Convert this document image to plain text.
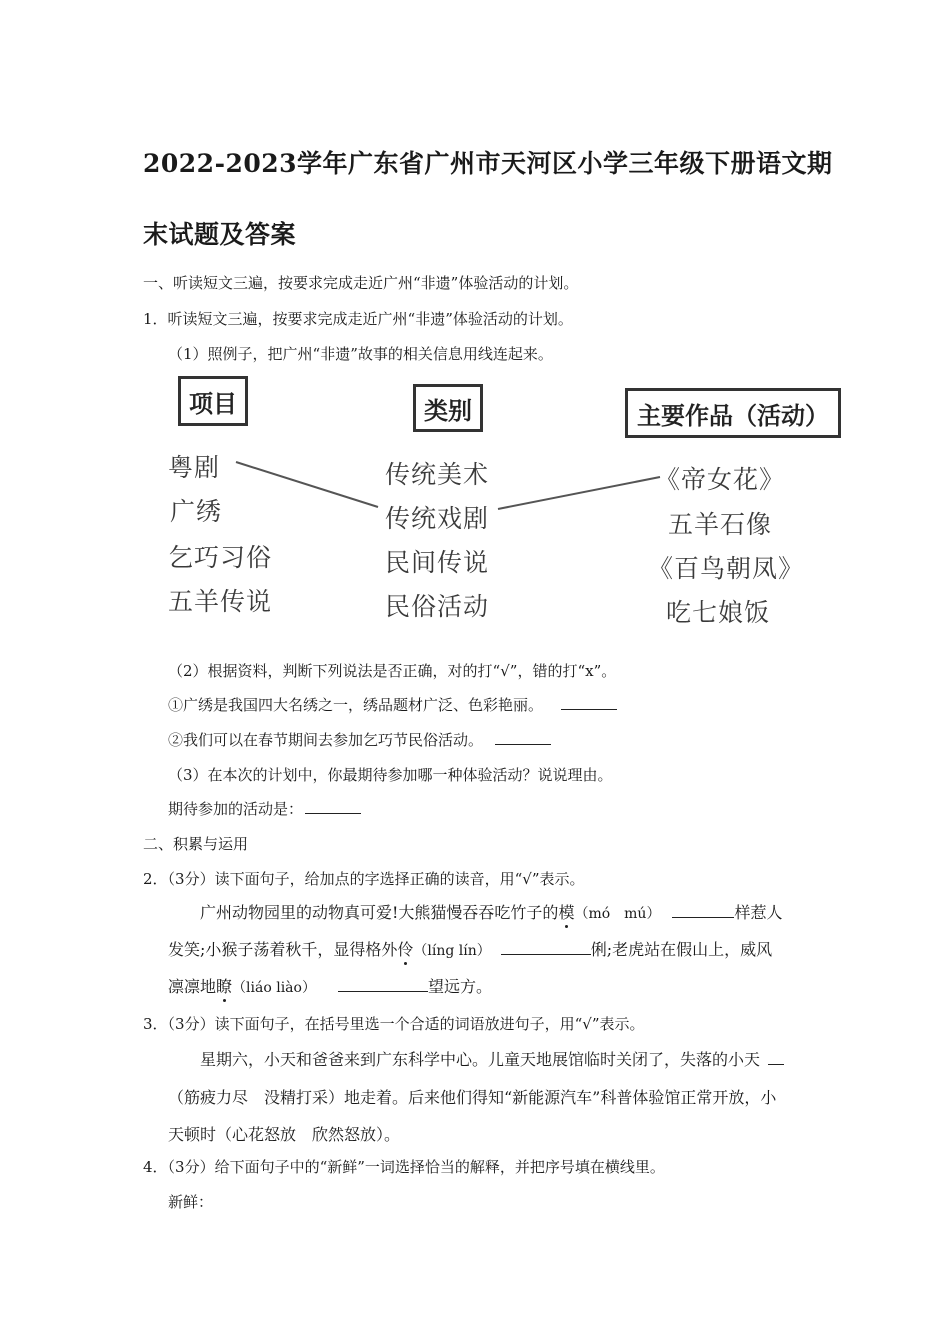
2022-2023学年广东省广州市天河区小学三年级下册语文期
末试题及答案
一、听读短文三遍，按要求完成走近广州“非遗”体验活动的计划。
1．听读短文三遍，按要求完成走近广州“非遗”体验活动的计划。
（1）照例子，把广州“非遗”故事的相关信息用线连起来。
项目	类别	主要作品（活动）
粤剧
广绣
乞巧习俗
五羊传说
传统美术
传统戏剧
民间传说
民俗活动
《帝女花》
五羊石像
《百鸟朝凤》
吃七娘饭
（2）根据资料，判断下列说法是否正确，对的打“√”，错的打“x”。
①广绣是我国四大名绣之一，绣品题材广泛、色彩艳丽。
②我们可以在春节期间去参加乞巧节民俗活动。
（3）在本次的计划中，你最期待参加哪一种体验活动？说说理由。
期待参加的活动是：
二、积累与运用
2．（3分）读下面句子，给加点的字选择正确的读音，用“√”表示。
广州动物园里的动物真可爱!大熊猫慢吞吞吃竹子的模（mó　mú）	样惹人
发笑;小猴子荡着秋千，显得格外伶（líng lín）	俐;老虎站在假山上，威风
凛凛地瞭（liáo liào）	望远方。
3．（3分）读下面句子，在括号里选一个合适的词语放进句子，用“√”表示。
星期六，小天和爸爸来到广东科学中心。儿童天地展馆临时关闭了，失落的小天
（筋疲力尽　没精打采）地走着。后来他们得知“新能源汽车”科普体验馆正常开放，小
天顿时（心花怒放　欣然怒放）。
4．（3分）给下面句子中的“新鲜”一词选择恰当的解释，并把序号填在横线里。
新鲜：
